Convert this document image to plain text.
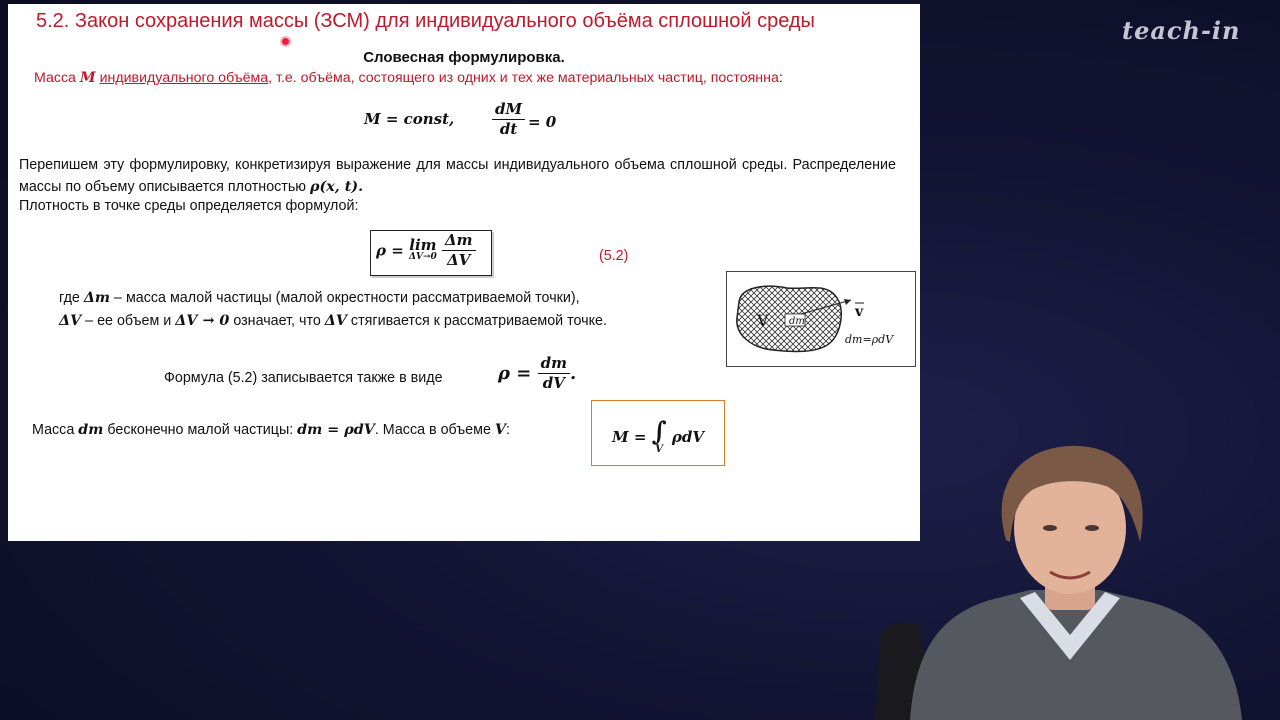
teach-in
5.2. Закон сохранения массы (ЗСМ) для индивидуального объёма сплошной среды
Словесная формулировка.
Масса M индивидуального объёма, т.е. объёма, состоящего из одних и тех же материальных частиц, постоянна:
M = const,	$\frac{dM}{dt} = 0$
Перепишем эту формулировку, конкретизируя выражение для массы индивидуального объема сплошной среды. Распределение массы по объему описывается плотностью ρ(x, t).
Плотность в точке среды определяется формулой:
ρ = lim
ΔV→0
$\frac{\Delta m}{\Delta V}$	(5.2)
где Δm – масса малой частицы (малой окрестности рассматриваемой точки),
ΔV – ее объем и ΔV → 0 означает, что ΔV стягивается к рассматриваемой точке.	V dm
v
dm=ρdV
Формула (5.2) записывается также в виде	$\rho = \frac{dm}{dV}$ .
Масса dm бесконечно малой частицы: dm = ρdV. Масса в объеме V:	M = ∫
V
ρdV
